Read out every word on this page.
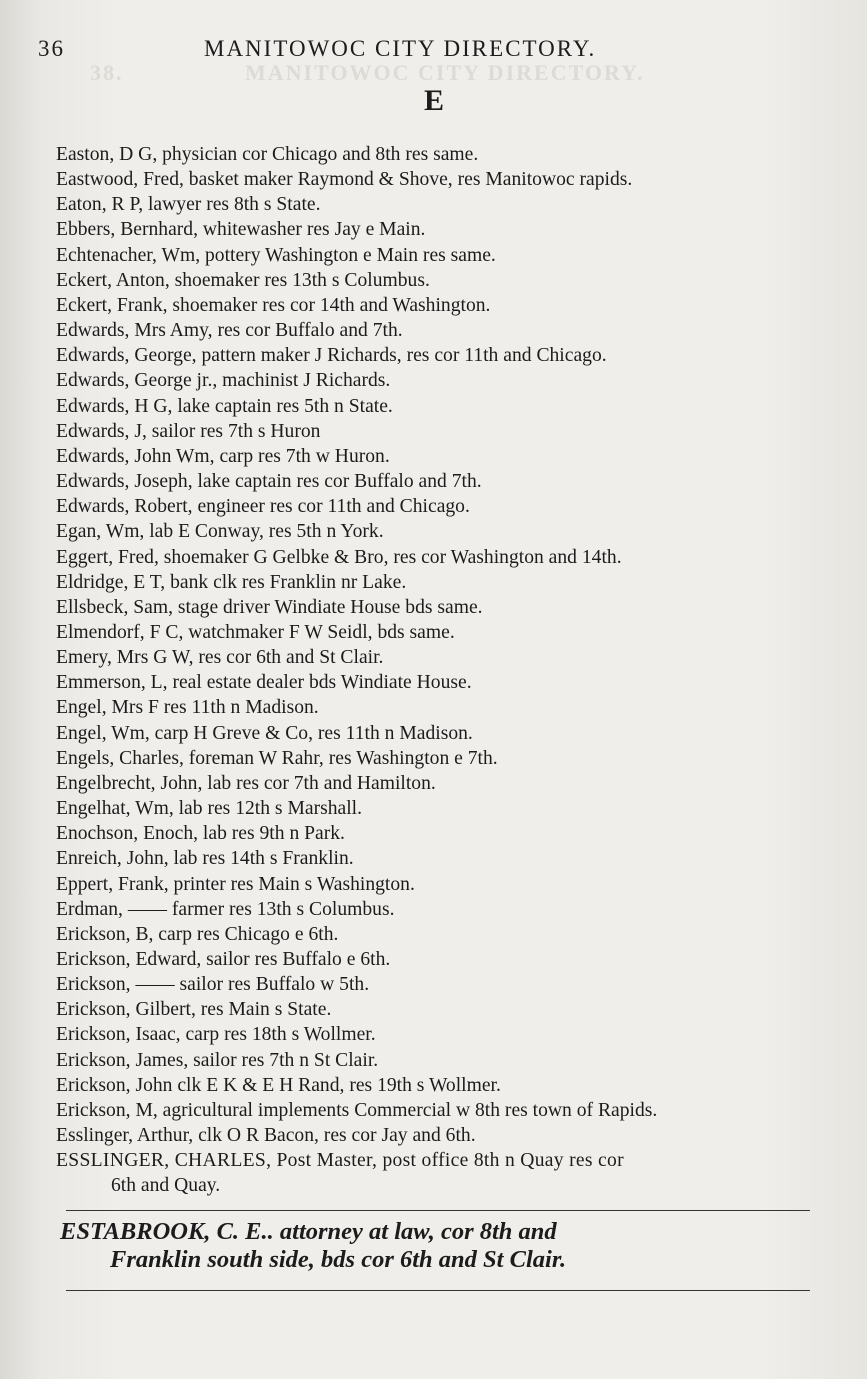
38.	MANITOWOC CITY DIRECTORY.
36	MANITOWOC CITY DIRECTORY.
E
Easton, D G, physician cor Chicago and 8th res same.
Eastwood, Fred, basket maker Raymond & Shove, res Manitowoc rapids.
Eaton, R P, lawyer res 8th s State.
Ebbers, Bernhard, whitewasher res Jay e Main.
Echtenacher, Wm, pottery Washington e Main res same.
Eckert, Anton, shoemaker res 13th s Columbus.
Eckert, Frank, shoemaker res cor 14th and Washington.
Edwards, Mrs Amy, res cor Buffalo and 7th.
Edwards, George, pattern maker J Richards, res cor 11th and Chicago.
Edwards, George jr., machinist J Richards.
Edwards, H G, lake captain res 5th n State.
Edwards, J, sailor res 7th s Huron
Edwards, John Wm, carp res 7th w Huron.
Edwards, Joseph, lake captain res cor Buffalo and 7th.
Edwards, Robert, engineer res cor 11th and Chicago.
Egan, Wm, lab E Conway, res 5th n York.
Eggert, Fred, shoemaker G Gelbke & Bro, res cor Washington and 14th.
Eldridge, E T, bank clk res Franklin nr Lake.
Ellsbeck, Sam, stage driver Windiate House bds same.
Elmendorf, F C, watchmaker F W Seidl, bds same.
Emery, Mrs G W, res cor 6th and St Clair.
Emmerson, L, real estate dealer bds Windiate House.
Engel, Mrs F res 11th n Madison.
Engel, Wm, carp H Greve & Co, res 11th n Madison.
Engels, Charles, foreman W Rahr, res Washington e 7th.
Engelbrecht, John, lab res cor 7th and Hamilton.
Engelhat, Wm, lab res 12th s Marshall.
Enochson, Enoch, lab res 9th n Park.
Enreich, John, lab res 14th s Franklin.
Eppert, Frank, printer res Main s Washington.
Erdman, —— farmer res 13th s Columbus.
Erickson, B, carp res Chicago e 6th.
Erickson, Edward, sailor res Buffalo e 6th.
Erickson, —— sailor res Buffalo w 5th.
Erickson, Gilbert, res Main s State.
Erickson, Isaac, carp res 18th s Wollmer.
Erickson, James, sailor res 7th n St Clair.
Erickson, John clk E K & E H Rand, res 19th s Wollmer.
Erickson, M, agricultural implements Commercial w 8th res town of Rapids.
Esslinger, Arthur, clk O R Bacon, res cor Jay and 6th.
ESSLINGER, CHARLES, Post Master, post office 8th n Quay res cor
6th and Quay.
ESTABROOK, C. E.. attorney at law, cor 8th and
Franklin south side, bds cor 6th and St Clair.
